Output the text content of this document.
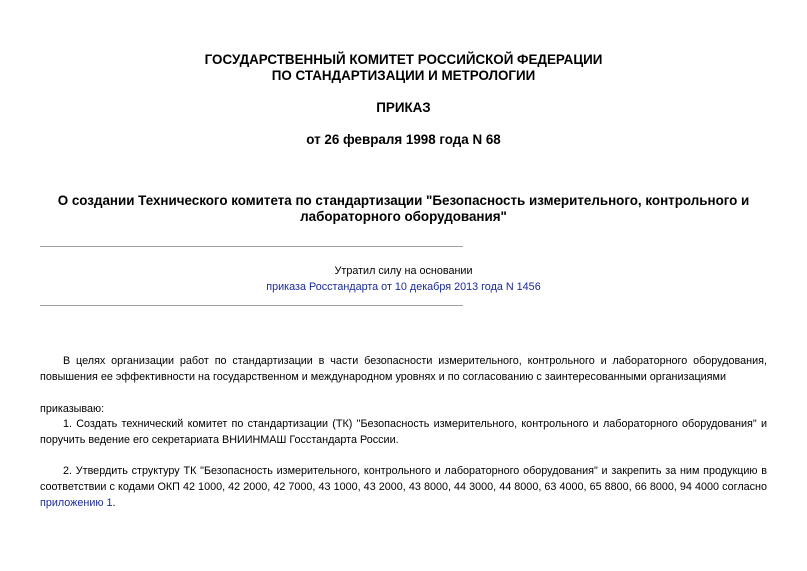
ГОСУДАРСТВЕННЫЙ КОМИТЕТ РОССИЙСКОЙ ФЕДЕРАЦИИ
ПО СТАНДАРТИЗАЦИИ И МЕТРОЛОГИИ
ПРИКАЗ
от 26 февраля 1998 года N 68
О создании Технического комитета по стандартизации "Безопасность измерительного, контрольного и
лабораторного оборудования"
Утратил силу на основании
приказа Росстандарта от 10 декабря 2013 года N 1456
В целях организации работ по стандартизации в части безопасности измерительного, контрольного и лабораторного оборудования, повышения ее эффективности на государственном и международном уровнях и по согласованию с заинтересованными организациями
приказываю:
1. Создать технический комитет по стандартизации (ТК) "Безопасность измерительного, контрольного и лабораторного оборудования" и поручить ведение его секретариата ВНИИНМАШ Госстандарта России.
2. Утвердить структуру ТК "Безопасность измерительного, контрольного и лабораторного оборудования" и закрепить за ним продукцию в соответствии с кодами ОКП 42 1000, 42 2000, 42 7000, 43 1000, 43 2000, 43 8000, 44 3000, 44 8000, 63 4000, 65 8800, 66 8000, 94 4000 согласно приложению 1.
